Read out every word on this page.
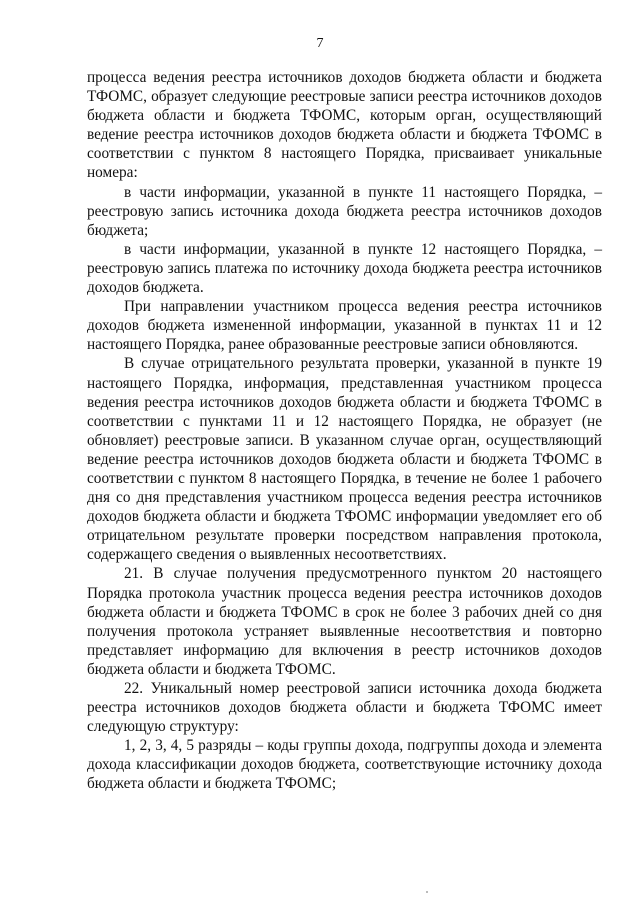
7

процесса ведения реестра источников доходов бюджета области и бюджета ТФОМС, образует следующие реестровые записи реестра источников доходов бюджета области и бюджета ТФОМС, которым орган, осуществляющий ведение реестра источников доходов бюджета области и бюджета ТФОМС в соответствии с пунктом 8 настоящего Порядка, присваивает уникальные номера:

в части информации, указанной в пункте 11 настоящего Порядка, – реестровую запись источника дохода бюджета реестра источников доходов бюджета;

в части информации, указанной в пункте 12 настоящего Порядка, – реестровую запись платежа по источнику дохода бюджета реестра источников доходов бюджета.

При направлении участником процесса ведения реестра источников доходов бюджета измененной информации, указанной в пунктах 11 и 12 настоящего Порядка, ранее образованные реестровые записи обновляются.

В случае отрицательного результата проверки, указанной в пункте 19 настоящего Порядка, информация, представленная участником процесса ведения реестра источников доходов бюджета области и бюджета ТФОМС в соответствии с пунктами 11 и 12 настоящего Порядка, не образует (не обновляет) реестровые записи. В указанном случае орган, осуществляющий ведение реестра источников доходов бюджета области и бюджета ТФОМС в соответствии с пунктом 8 настоящего Порядка, в течение не более 1 рабочего дня со дня представления участником процесса ведения реестра источников доходов бюджета области и бюджета ТФОМС информации уведомляет его об отрицательном результате проверки посредством направления протокола, содержащего сведения о выявленных несоответствиях.

21. В случае получения предусмотренного пунктом 20 настоящего Порядка протокола участник процесса ведения реестра источников доходов бюджета области и бюджета ТФОМС в срок не более 3 рабочих дней со дня получения протокола устраняет выявленные несоответствия и повторно представляет информацию для включения в реестр источников доходов бюджета области и бюджета ТФОМС.

22. Уникальный номер реестровой записи источника дохода бюджета реестра источников доходов бюджета области и бюджета ТФОМС имеет следующую структуру:

1, 2, 3, 4, 5 разряды – коды группы дохода, подгруппы дохода и элемента дохода классификации доходов бюджета, соответствующие источнику дохода бюджета области и бюджета ТФОМС;
